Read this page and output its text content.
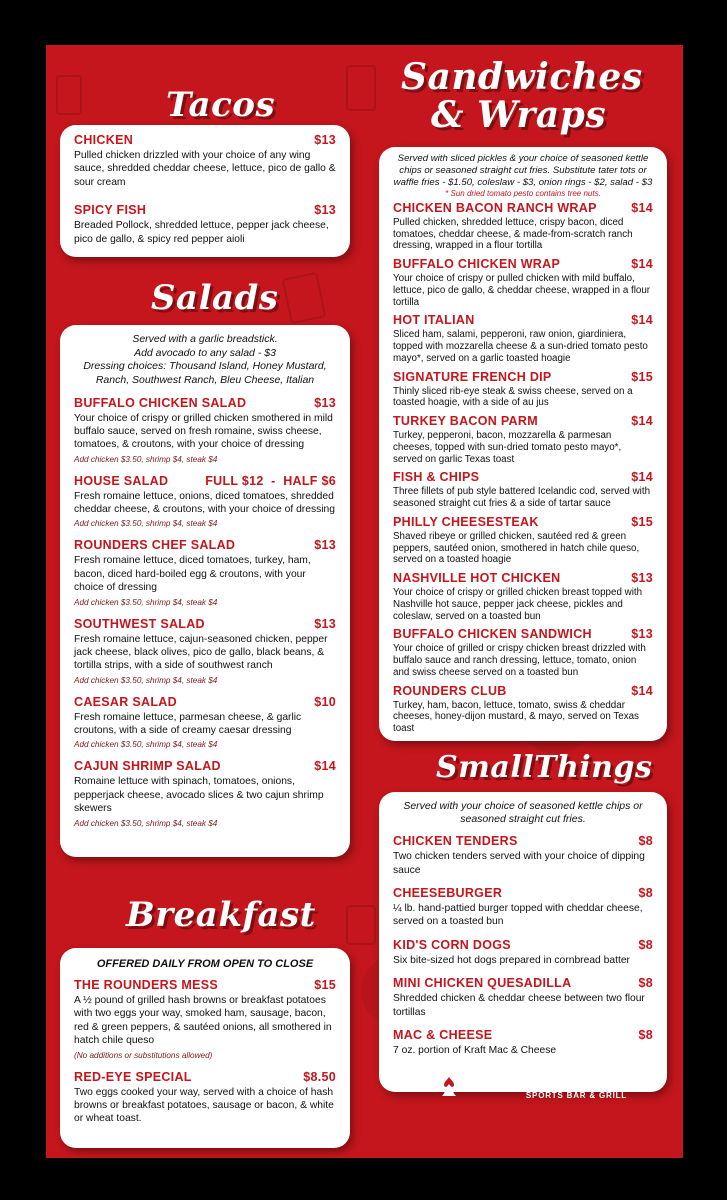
Tacos
CHICKEN	$13
Pulled chicken drizzled with your choice of any wing sauce, shredded cheddar cheese, lettuce, pico de gallo & sour cream
SPICY FISH	$13
Breaded Pollock, shredded lettuce, pepper jack cheese, pico de gallo, & spicy red pepper aioli
Salads
Served with a garlic breadstick.
Add avocado to any salad - $3
Dressing choices: Thousand Island, Honey Mustard, Ranch, Southwest Ranch, Bleu Cheese, Italian
BUFFALO CHICKEN SALAD	$13
Your choice of crispy or grilled chicken smothered in mild buffalo sauce, served on fresh romaine, swiss cheese, tomatoes, & croutons, with your choice of dressing
Add chicken $3.50, shrimp $4, steak $4
HOUSE SALAD	FULL $12  -  HALF $6
Fresh romaine lettuce, onions, diced tomatoes, shredded cheddar cheese, & croutons, with your choice of dressing
Add chicken $3.50, shrimp $4, steak $4
ROUNDERS CHEF SALAD	$13
Fresh romaine lettuce, diced tomatoes, turkey, ham, bacon, diced hard-boiled egg & croutons, with your choice of dressing
Add chicken $3.50, shrimp $4, steak $4
SOUTHWEST SALAD	$13
Fresh romaine lettuce, cajun-seasoned chicken, pepper jack cheese, black olives, pico de gallo, black beans, & tortilla strips, with a side of southwest ranch
Add chicken $3.50, shrimp $4, steak $4
CAESAR SALAD	$10
Fresh romaine lettuce, parmesan cheese, & garlic croutons, with a side of creamy caesar dressing
Add chicken $3.50, shrimp $4, steak $4
CAJUN SHRIMP SALAD	$14
Romaine lettuce with spinach, tomatoes, onions, pepperjack cheese, avocado slices & two cajun shrimp skewers
Add chicken $3.50, shrimp $4, steak $4
Breakfast
OFFERED DAILY FROM OPEN TO CLOSE
THE ROUNDERS MESS	$15
A ½ pound of grilled hash browns or breakfast potatoes with two eggs your way, smoked ham, sausage, bacon, red & green peppers, & sautéed onions, all smothered in hatch chile queso
(No additions or substitutions allowed)
RED-EYE SPECIAL	$8.50
Two eggs cooked your way, served with a choice of hash browns or breakfast potatoes, sausage or bacon, & white or wheat toast.
Sandwiches
& Wraps
Served with sliced pickles & your choice of seasoned kettle chips or seasoned straight cut fries. Substitute tater tots or waffle fries - $1.50, coleslaw - $3, onion rings - $2, salad - $3
* Sun dried tomato pesto contains tree nuts.
CHICKEN BACON RANCH WRAP	$14
Pulled chicken, shredded lettuce, crispy bacon, diced tomatoes, cheddar cheese, & made-from-scratch ranch dressing, wrapped in a flour tortilla
BUFFALO CHICKEN WRAP	$14
Your choice of crispy or pulled chicken with mild buffalo, lettuce, pico de gallo, & cheddar cheese, wrapped in a flour tortilla
HOT ITALIAN	$14
Sliced ham, salami, pepperoni, raw onion, giardiniera, topped with mozzarella cheese & a sun-dried tomato pesto mayo*, served on a garlic toasted hoagie
SIGNATURE FRENCH DIP	$15
Thinly sliced rib-eye steak & swiss cheese, served on a toasted hoagie, with a side of au jus
TURKEY BACON PARM	$14
Turkey, pepperoni, bacon, mozzarella & parmesan cheeses, topped with sun-dried tomato pesto mayo*, served on garlic Texas toast
FISH & CHIPS	$14
Three fillets of pub style battered Icelandic cod, served with seasoned straight cut fries & a side of tartar sauce
PHILLY CHEESESTEAK	$15
Shaved ribeye or grilled chicken, sautéed red & green peppers, sautéed onion, smothered in hatch chile queso, served on a toasted hoagie
NASHVILLE HOT CHICKEN	$13
Your choice of crispy or grilled chicken breast topped with Nashville hot sauce, pepper jack cheese, pickles and coleslaw, served on a toasted bun
BUFFALO CHICKEN SANDWICH	$13
Your choice of grilled or crispy chicken breast drizzled with buffalo sauce and ranch dressing, lettuce, tomato, onion and swiss cheese served on a toasted bun
ROUNDERS CLUB	$14
Turkey, ham, bacon, lettuce, tomato, swiss & cheddar cheeses, honey-dijon mustard, & mayo, served on Texas toast
SmallThings
Served with your choice of seasoned kettle chips or seasoned straight cut fries.
CHICKEN TENDERS	$8
Two chicken tenders served with your choice of dipping sauce
CHEESEBURGER	$8
¼ lb. hand-pattied burger topped with cheddar cheese, served on a toasted bun
KID'S CORN DOGS	$8
Six bite-sized hot dogs prepared in cornbread batter
MINI CHICKEN QUESADILLA	$8
Shredded chicken & cheddar cheese between two flour tortillas
MAC & CHEESE	$8
7 oz. portion of Kraft Mac & Cheese
ROUNDERS
SPORTS BAR & GRILL
